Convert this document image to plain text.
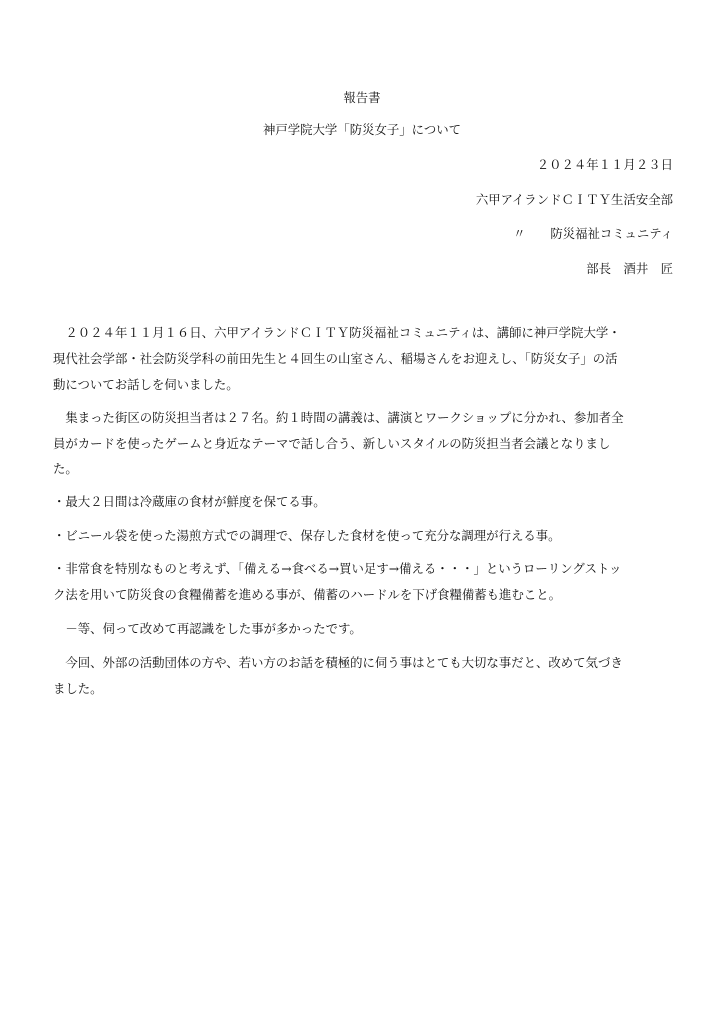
報告書
神戸学院大学「防災女子」について
２０２４年１１月２３日
六甲アイランドＣＩＴＹ生活安全部
〃　　防災福祉コミュニティ
部長　酒井　匠
　２０２４年１１月１６日、六甲アイランドＣＩＴＹ防災福祉コミュニティは、講師に神戸学院大学・
現代社会学部・社会防災学科の前田先生と４回生の山室さん、稲場さんをお迎えし、「防災女子」の活
動についてお話しを伺いました。
　集まった街区の防災担当者は２７名。約１時間の講義は、講演とワークショップに分かれ、参加者全
員がカードを使ったゲームと身近なテーマで話し合う、新しいスタイルの防災担当者会議となりまし
た。
・最大２日間は冷蔵庫の食材が鮮度を保てる事。
・ビニール袋を使った湯煎方式での調理で、保存した食材を使って充分な調理が行える事。
・非常食を特別なものと考えず、「備える→食べる→買い足す→備える・・・」というローリングストッ
ク法を用いて防災食の食糧備蓄を進める事が、備蓄のハードルを下げ食糧備蓄も進むこと。
　－等、伺って改めて再認識をした事が多かったです。
　今回、外部の活動団体の方や、若い方のお話を積極的に伺う事はとても大切な事だと、改めて気づき
ました。
